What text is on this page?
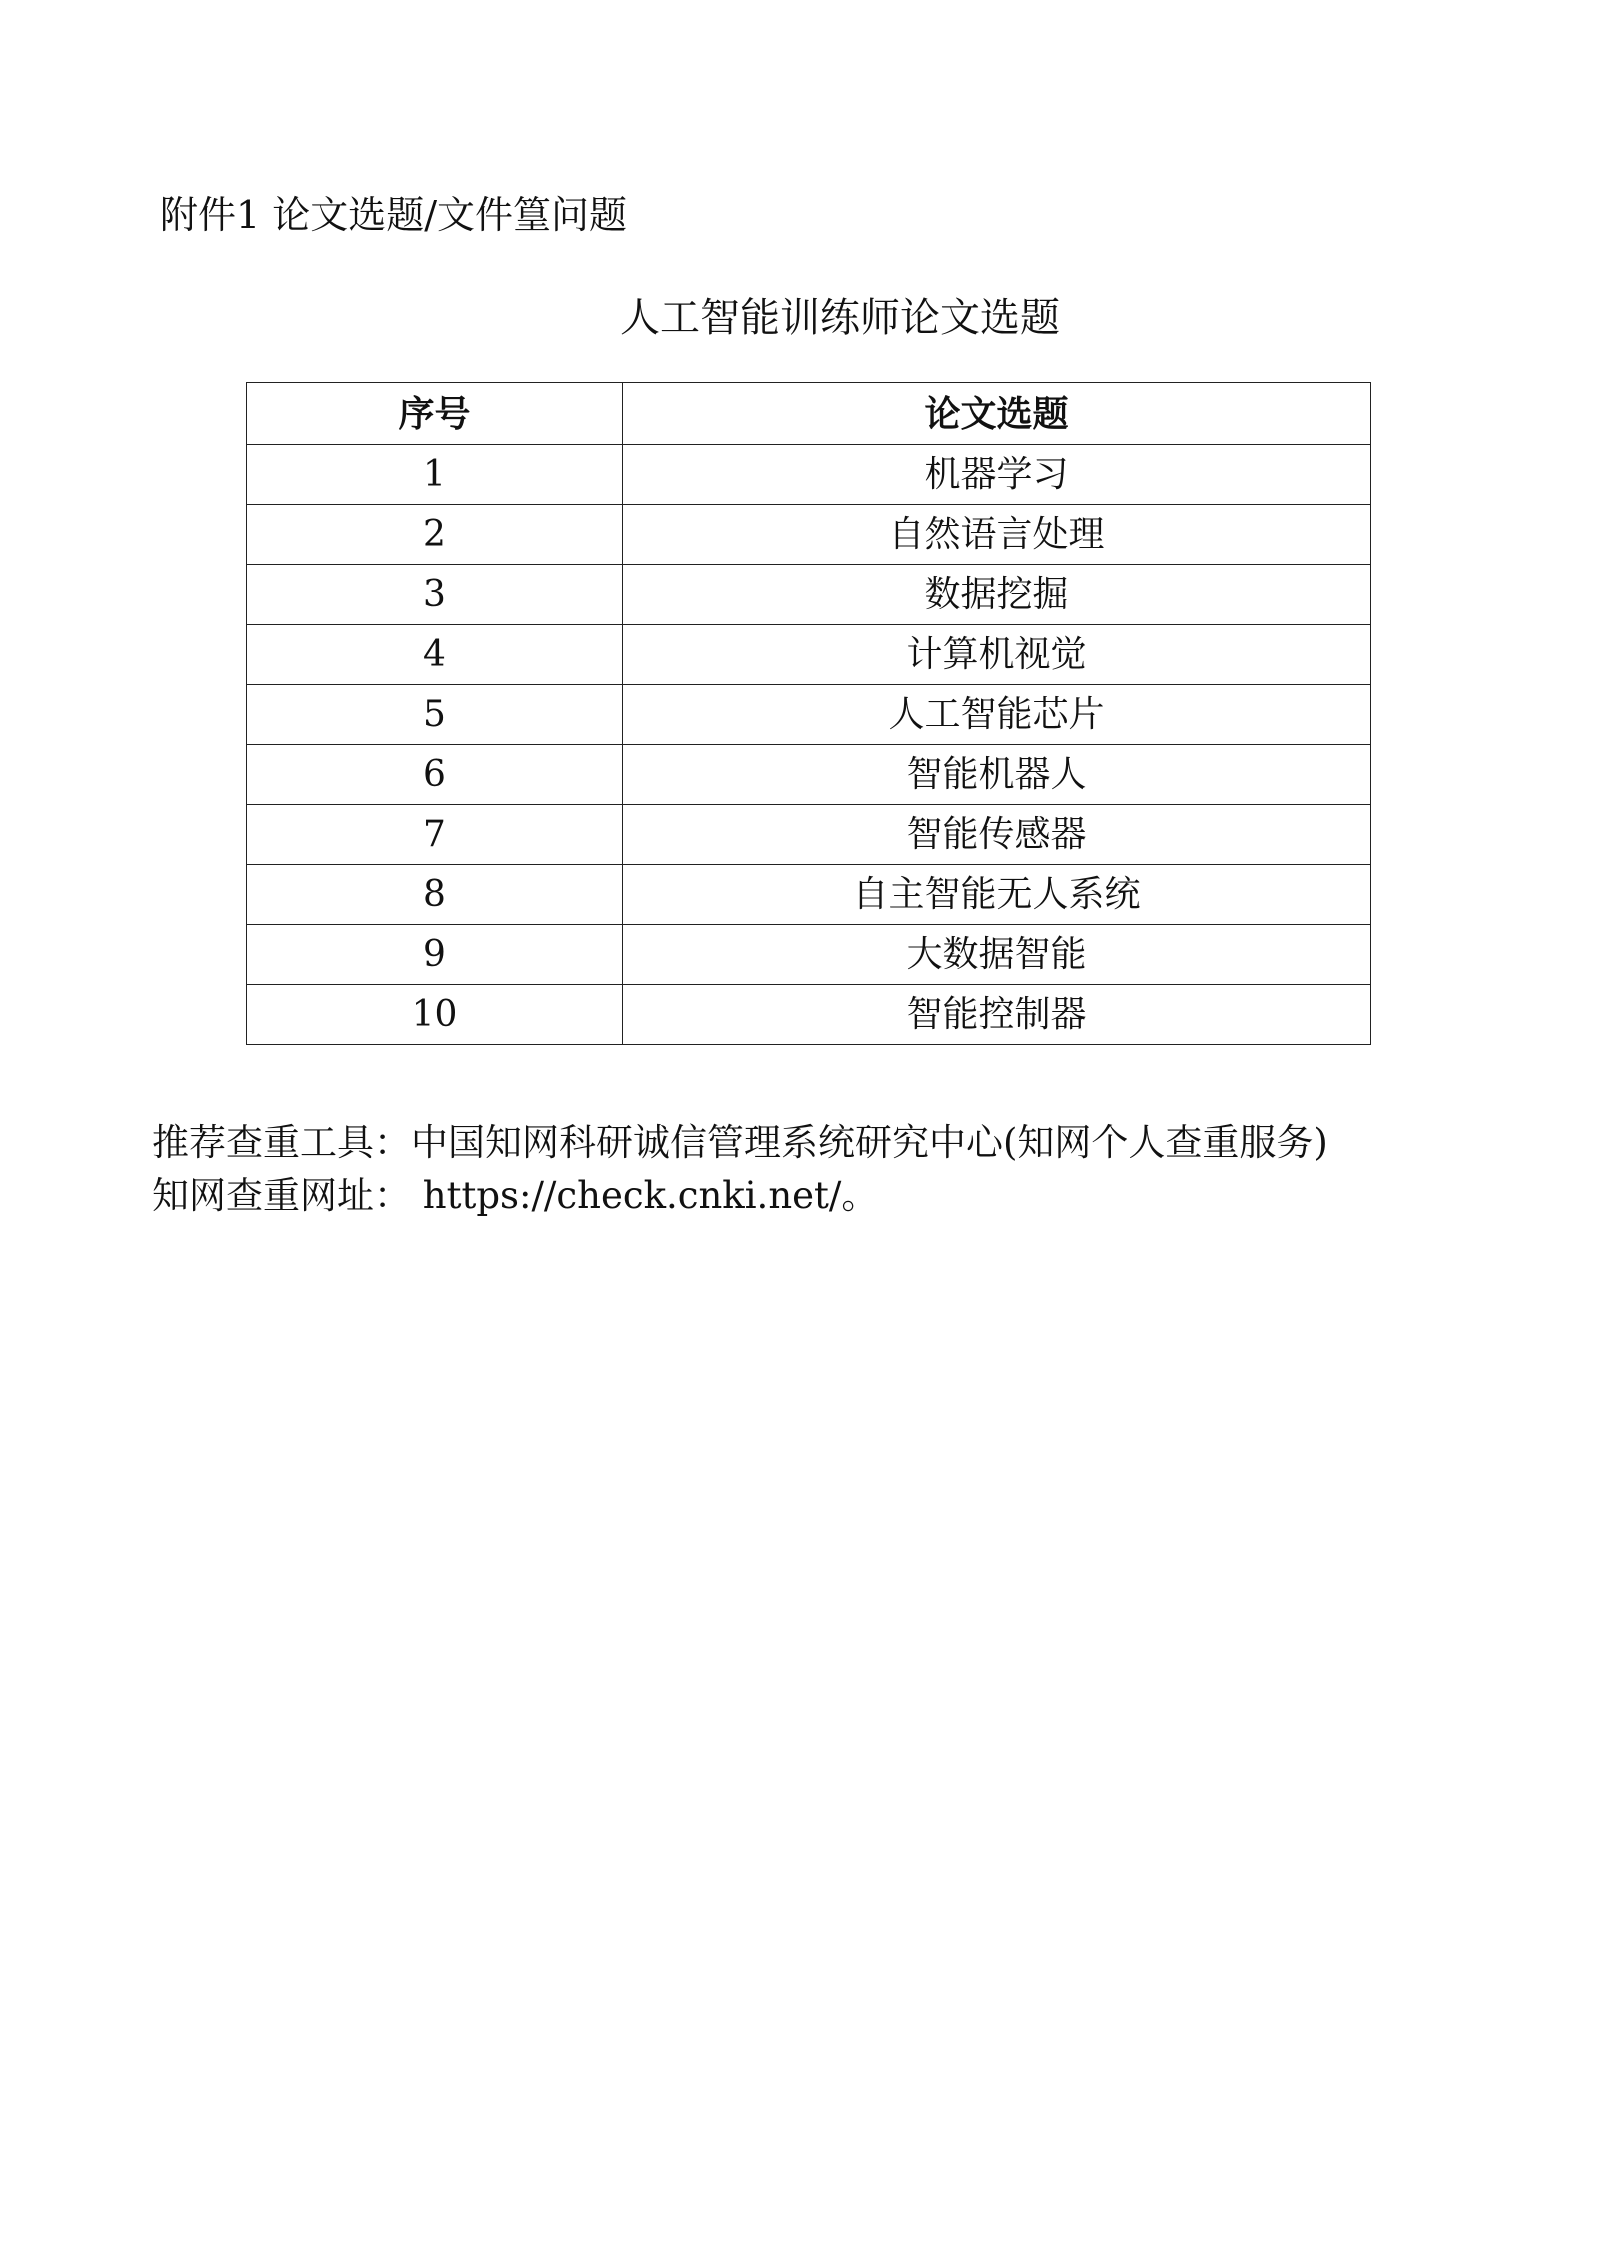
附件1 论文选题/文件篁问题
人工智能训练师论文选题
序号	论文选题
1	机器学习
2	自然语言处理
3	数据挖掘
4	计算机视觉
5	人工智能芯片
6	智能机器人
7	智能传感器
8	自主智能无人系统
9	大数据智能
10	智能控制器
推荐查重工具：中国知网科研诚信管理系统研究中心(知网个人查重服务)
知网查重网址： https://check.cnki.net/。
